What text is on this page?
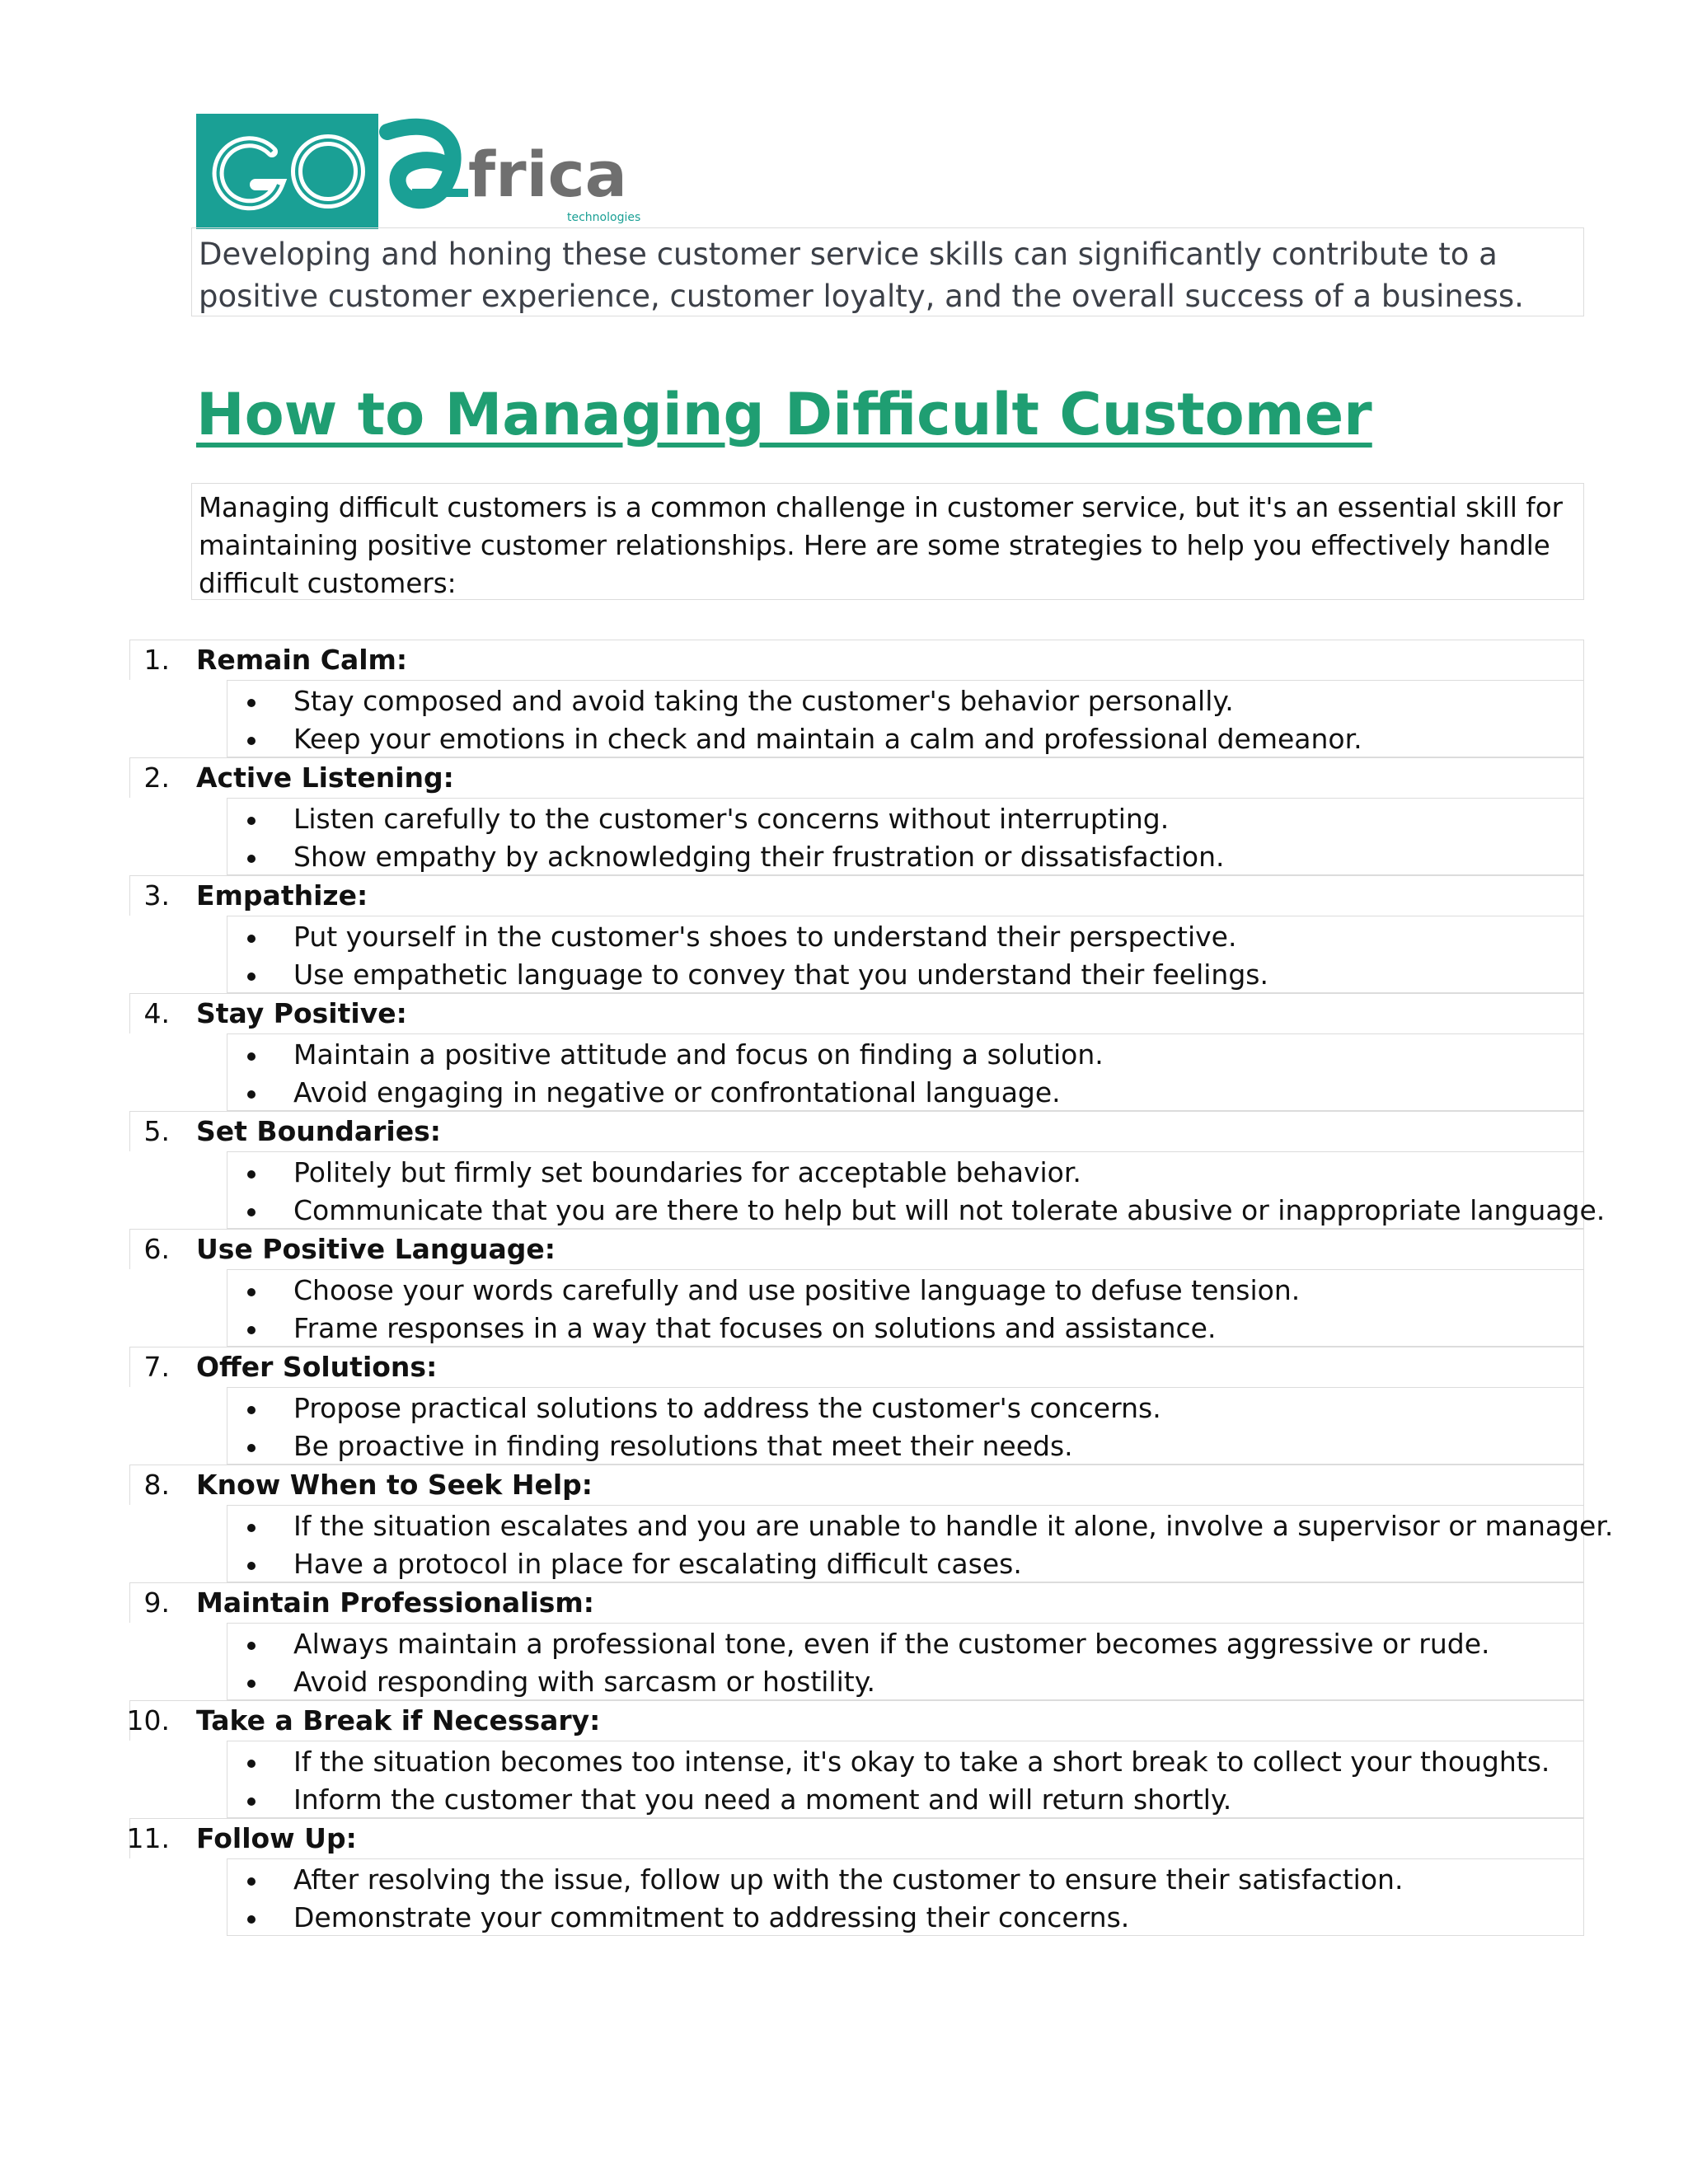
frica
technologies
Developing and honing these customer service skills can significantly contribute to a positive customer experience, customer loyalty, and the overall success of a business.
How to Managing Difficult Customer
Managing difficult customers is a common challenge in customer service, but it's an essential skill for maintaining positive customer relationships. Here are some strategies to help you effectively handle difficult customers:
1. Remain Calm:
Stay composed and avoid taking the customer's behavior personally.
Keep your emotions in check and maintain a calm and professional demeanor.
2. Active Listening:
Listen carefully to the customer's concerns without interrupting.
Show empathy by acknowledging their frustration or dissatisfaction.
3. Empathize:
Put yourself in the customer's shoes to understand their perspective.
Use empathetic language to convey that you understand their feelings.
4. Stay Positive:
Maintain a positive attitude and focus on finding a solution.
Avoid engaging in negative or confrontational language.
5. Set Boundaries:
Politely but firmly set boundaries for acceptable behavior.
Communicate that you are there to help but will not tolerate abusive or inappropriate language.
6. Use Positive Language:
Choose your words carefully and use positive language to defuse tension.
Frame responses in a way that focuses on solutions and assistance.
7. Offer Solutions:
Propose practical solutions to address the customer's concerns.
Be proactive in finding resolutions that meet their needs.
8. Know When to Seek Help:
If the situation escalates and you are unable to handle it alone, involve a supervisor or manager.
Have a protocol in place for escalating difficult cases.
9. Maintain Professionalism:
Always maintain a professional tone, even if the customer becomes aggressive or rude.
Avoid responding with sarcasm or hostility.
10. Take a Break if Necessary:
If the situation becomes too intense, it's okay to take a short break to collect your thoughts.
Inform the customer that you need a moment and will return shortly.
11. Follow Up:
After resolving the issue, follow up with the customer to ensure their satisfaction.
Demonstrate your commitment to addressing their concerns.
